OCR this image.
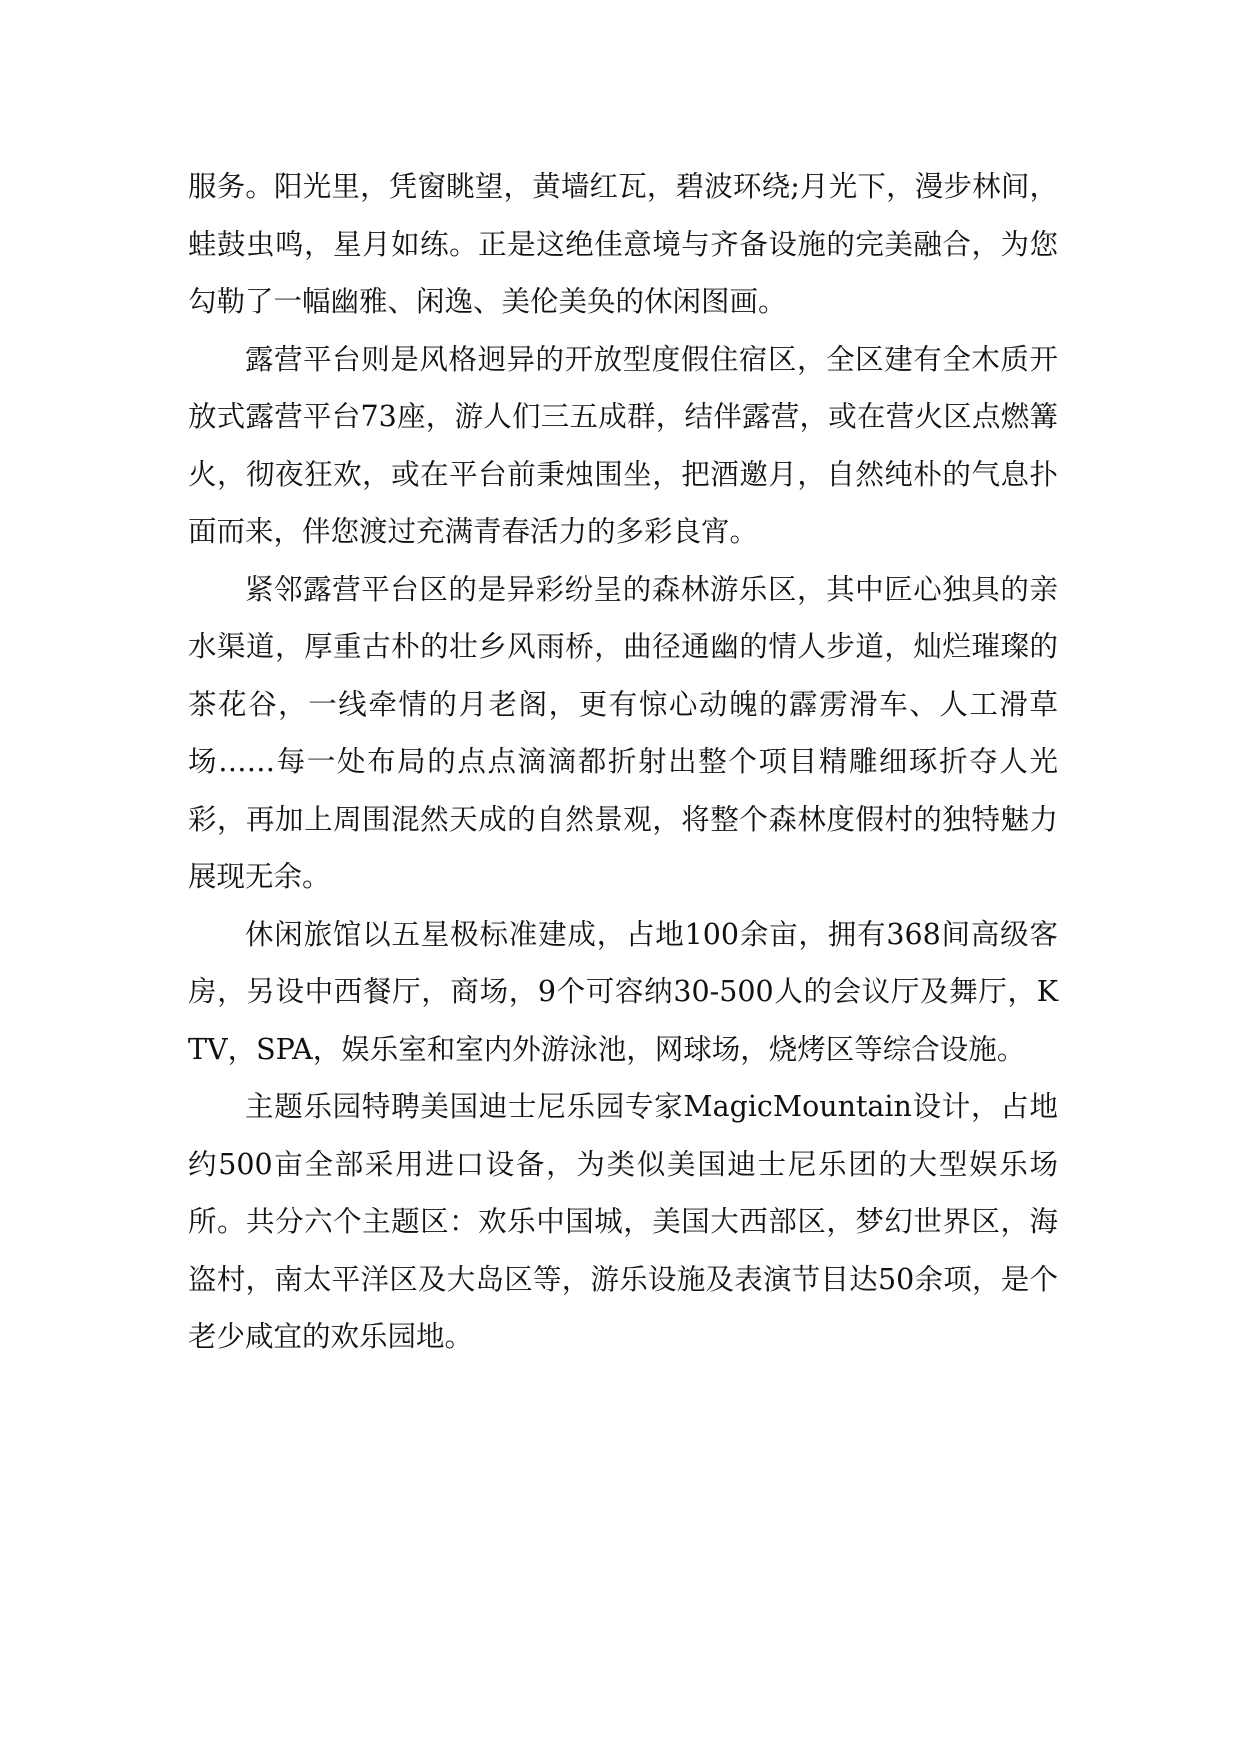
服务。阳光里，凭窗眺望，黄墙红瓦，碧波环绕;月光下，漫步林间，蛙鼓虫鸣，星月如练。正是这绝佳意境与齐备设施的完美融合，为您勾勒了一幅幽雅、闲逸、美伦美奂的休闲图画。

露营平台则是风格迥异的开放型度假住宿区，全区建有全木质开放式露营平台73座，游人们三五成群，结伴露营，或在营火区点燃篝火，彻夜狂欢，或在平台前秉烛围坐，把酒邀月，自然纯朴的气息扑面而来，伴您渡过充满青春活力的多彩良宵。

紧邻露营平台区的是异彩纷呈的森林游乐区，其中匠心独具的亲水渠道，厚重古朴的壮乡风雨桥，曲径通幽的情人步道，灿烂璀璨的茶花谷，一线牵情的月老阁，更有惊心动魄的霹雳滑车、人工滑草场……每一处布局的点点滴滴都折射出整个项目精雕细琢折夺人光彩，再加上周围混然天成的自然景观，将整个森林度假村的独特魅力展现无余。

休闲旅馆以五星极标准建成，占地100余亩，拥有368间高级客房，另设中西餐厅，商场，9个可容纳30-500人的会议厅及舞厅，KTV，SPA，娱乐室和室内外游泳池，网球场，烧烤区等综合设施。

主题乐园特聘美国迪士尼乐园专家MagicMountain设计，占地约500亩全部采用进口设备，为类似美国迪士尼乐团的大型娱乐场所。共分六个主题区：欢乐中国城，美国大西部区，梦幻世界区，海盗村，南太平洋区及大岛区等，游乐设施及表演节目达50余项，是个老少咸宜的欢乐园地。
